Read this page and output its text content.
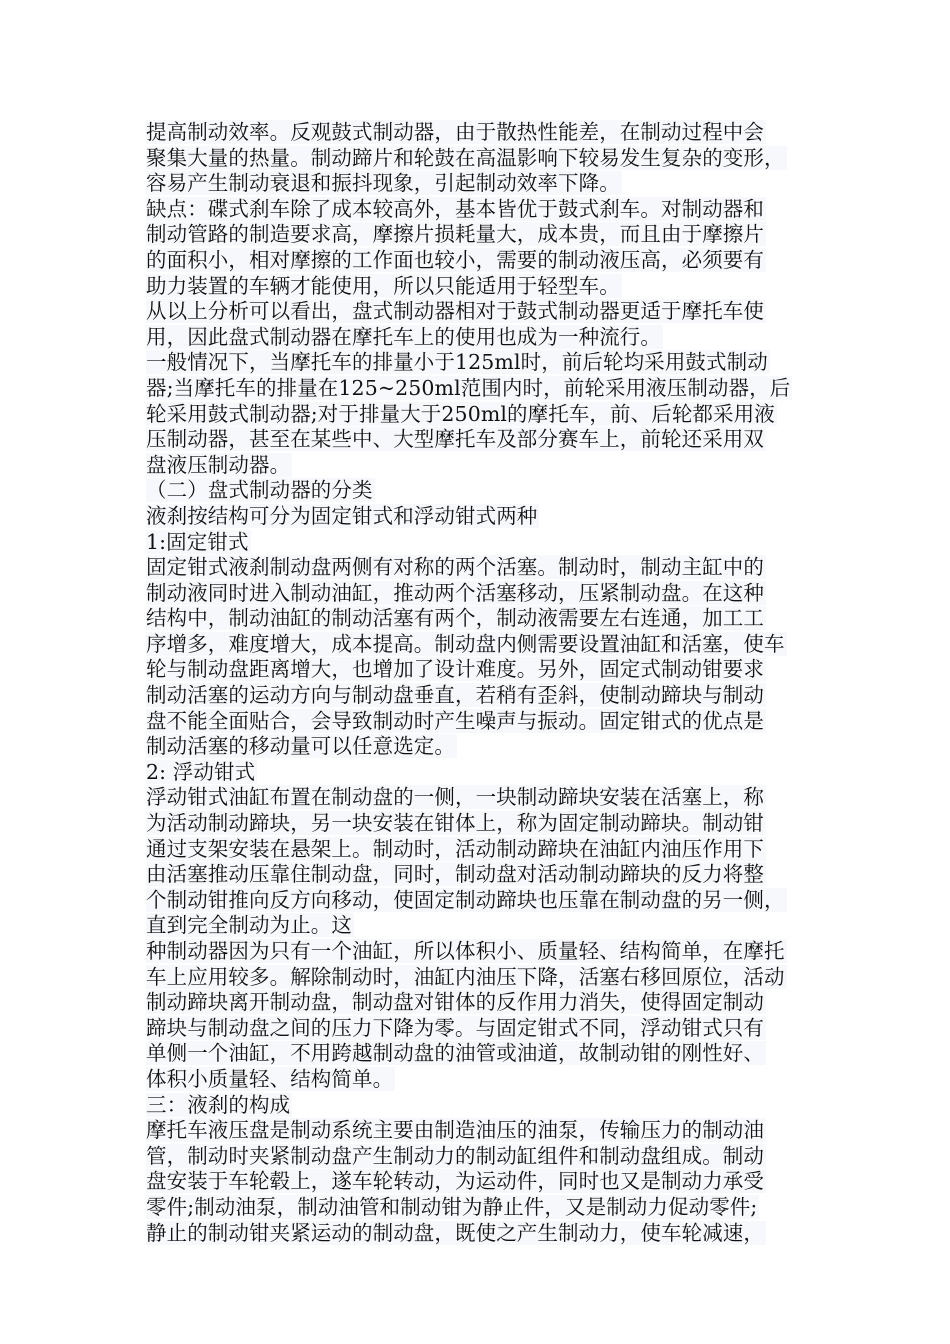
提高制动效率。反观鼓式制动器，由于散热性能差，在制动过程中会
聚集大量的热量。制动蹄片和轮鼓在高温影响下较易发生复杂的变形，
容易产生制动衰退和振抖现象，引起制动效率下降。
缺点：碟式刹车除了成本较高外，基本皆优于鼓式刹车。对制动器和
制动管路的制造要求高，摩擦片损耗量大，成本贵，而且由于摩擦片
的面积小，相对摩擦的工作面也较小，需要的制动液压高，必须要有
助力装置的车辆才能使用，所以只能适用于轻型车。
从以上分析可以看出，盘式制动器相对于鼓式制动器更适于摩托车使
用，因此盘式制动器在摩托车上的使用也成为一种流行。
一般情况下，当摩托车的排量小于125ml时，前后轮均采用鼓式制动
器;当摩托车的排量在125~250ml范围内时，前轮采用液压制动器，后
轮采用鼓式制动器;对于排量大于250ml的摩托车，前、后轮都采用液
压制动器，甚至在某些中、大型摩托车及部分赛车上，前轮还采用双
盘液压制动器。
（二）盘式制动器的分类
液刹按结构可分为固定钳式和浮动钳式两种
1:固定钳式
固定钳式液刹制动盘两侧有对称的两个活塞。制动时，制动主缸中的
制动液同时进入制动油缸，推动两个活塞移动，压紧制动盘。在这种
结构中，制动油缸的制动活塞有两个，制动液需要左右连通，加工工
序增多，难度增大，成本提高。制动盘内侧需要设置油缸和活塞，使车
轮与制动盘距离增大，也增加了设计难度。另外，固定式制动钳要求
制动活塞的运动方向与制动盘垂直，若稍有歪斜，使制动蹄块与制动
盘不能全面贴合，会导致制动时产生噪声与振动。固定钳式的优点是
制动活塞的移动量可以任意选定。
2: 浮动钳式
浮动钳式油缸布置在制动盘的一侧，一块制动蹄块安装在活塞上，称
为活动制动蹄块，另一块安装在钳体上，称为固定制动蹄块。制动钳
通过支架安装在悬架上。制动时，活动制动蹄块在油缸内油压作用下
由活塞推动压靠住制动盘，同时，制动盘对活动制动蹄块的反力将整
个制动钳推向反方向移动，使固定制动蹄块也压靠在制动盘的另一侧，
直到完全制动为止。这
种制动器因为只有一个油缸，所以体积小、质量轻、结构简单，在摩托
车上应用较多。解除制动时，油缸内油压下降，活塞右移回原位，活动
制动蹄块离开制动盘，制动盘对钳体的反作用力消失，使得固定制动
蹄块与制动盘之间的压力下降为零。与固定钳式不同，浮动钳式只有
单侧一个油缸，不用跨越制动盘的油管或油道，故制动钳的刚性好、
体积小质量轻、结构简单。
三：液刹的构成
摩托车液压盘是制动系统主要由制造油压的油泵，传输压力的制动油
管，制动时夹紧制动盘产生制动力的制动缸组件和制动盘组成。制动
盘安装于车轮毂上，遂车轮转动，为运动件，同时也又是制动力承受
零件;制动油泵，制动油管和制动钳为静止件，又是制动力促动零件;
静止的制动钳夹紧运动的制动盘，既使之产生制动力，使车轮减速，
